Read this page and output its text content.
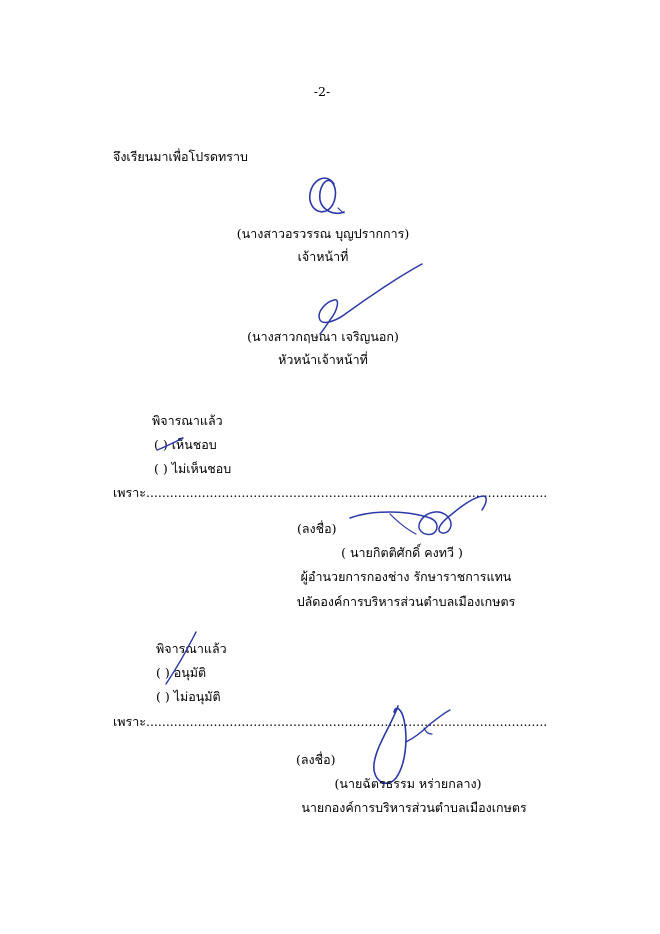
-2-
จึงเรียนมาเพื่อโปรดทราบ
(นางสาวอรวรรณ บุญปรากการ)
เจ้าหน้าที่
(นางสาวกฤษณา เจริญนอก)
หัวหน้าเจ้าหน้าที่
พิจารณาแล้ว
( ) เห็นชอบ
( ) ไม่เห็นชอบ
เพราะ.....................................................................................................
(ลงชื่อ)
( นายกิตติศักดิ์ คงทวี )
ผู้อำนวยการกองช่าง รักษาราชการแทน
ปลัดองค์การบริหารส่วนตำบลเมืองเกษตร
พิจารณาแล้ว
( ) อนุมัติ
( ) ไม่อนุมัติ
เพราะ.....................................................................................................
(ลงชื่อ)
(นายฉัตรธรรม หร่ายกลาง)
นายกองค์การบริหารส่วนตำบลเมืองเกษตร
